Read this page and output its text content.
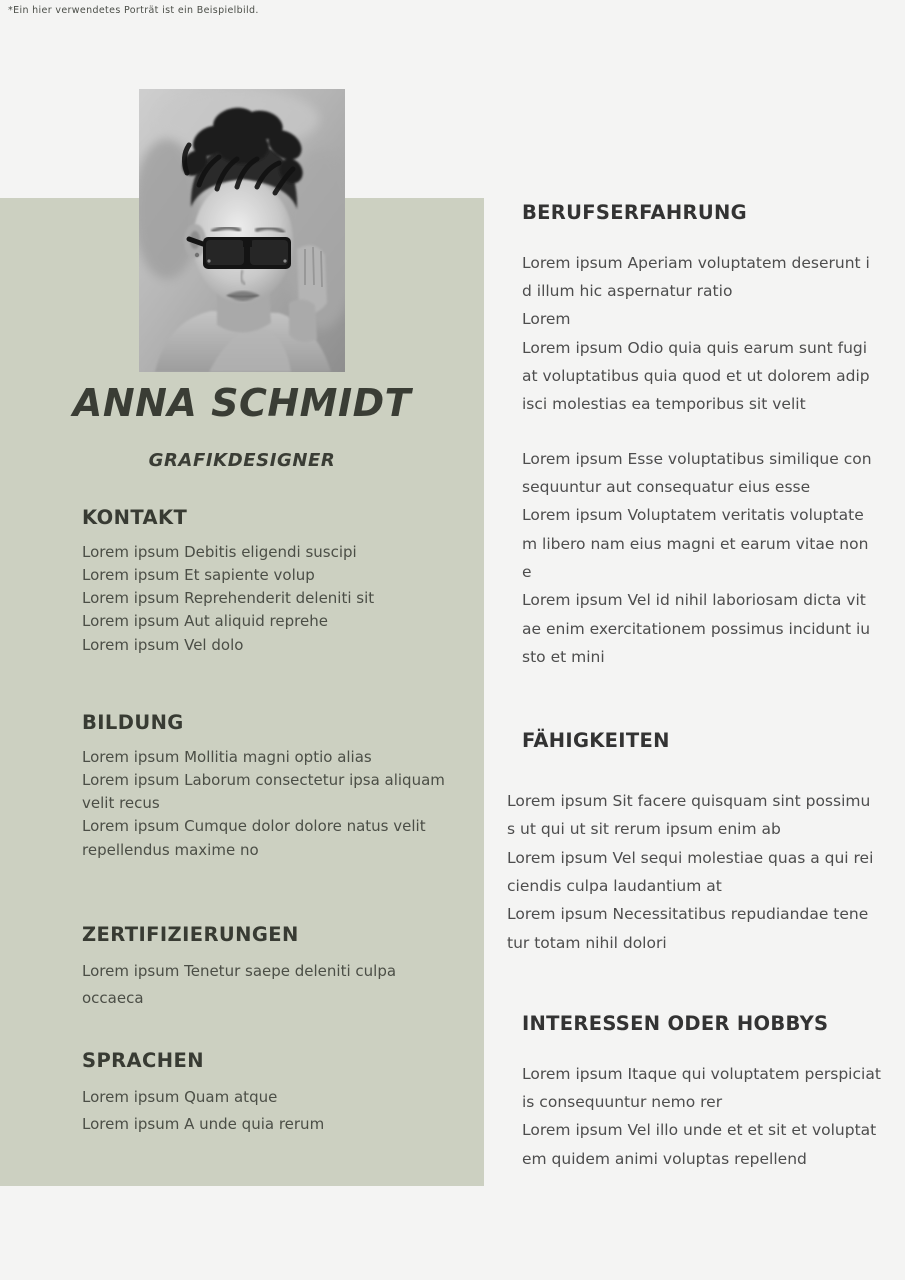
*Ein hier verwendetes Porträt ist ein Beispielbild.
ANNA SCHMIDT
GRAFIKDESIGNER
KONTAKT
Lorem ipsum Debitis eligendi suscipi
Lorem ipsum Et sapiente volup
Lorem ipsum Reprehenderit deleniti sit
Lorem ipsum Aut aliquid reprehe
Lorem ipsum Vel dolo
BILDUNG
Lorem ipsum Mollitia magni optio alias
Lorem ipsum Laborum consectetur ipsa aliquam velit recus
Lorem ipsum Cumque dolor dolore natus velit repellendus maxime no
ZERTIFIZIERUNGEN
Lorem ipsum Tenetur saepe deleniti culpa occaeca
SPRACHEN
Lorem ipsum Quam atque
Lorem ipsum A unde quia rerum
BERUFSERFAHRUNG

Lorem ipsum Aperiam voluptatem deserunt id illum hic aspernatur ratio

Lorem

Lorem ipsum Odio quia quis earum sunt fugiat voluptatibus quia quod et ut dolorem adipisci molestias ea temporibus sit velit

Lorem ipsum Esse voluptatibus similique consequuntur aut consequatur eius esse

Lorem ipsum Voluptatem veritatis voluptatem libero nam eius magni et earum vitae non e

Lorem ipsum Vel id nihil laboriosam dicta vitae enim exercitationem possimus incidunt iusto et mini

FÄHIGKEITEN

Lorem ipsum Sit facere quisquam sint possimus ut qui ut sit rerum ipsum enim ab

Lorem ipsum Vel sequi molestiae quas a qui reiciendis culpa laudantium at

Lorem ipsum Necessitatibus repudiandae tenetur totam nihil dolori

INTERESSEN ODER HOBBYS

Lorem ipsum Itaque qui voluptatem perspiciatis consequuntur nemo rer

Lorem ipsum Vel illo unde et et sit et voluptatem quidem animi voluptas repellend
